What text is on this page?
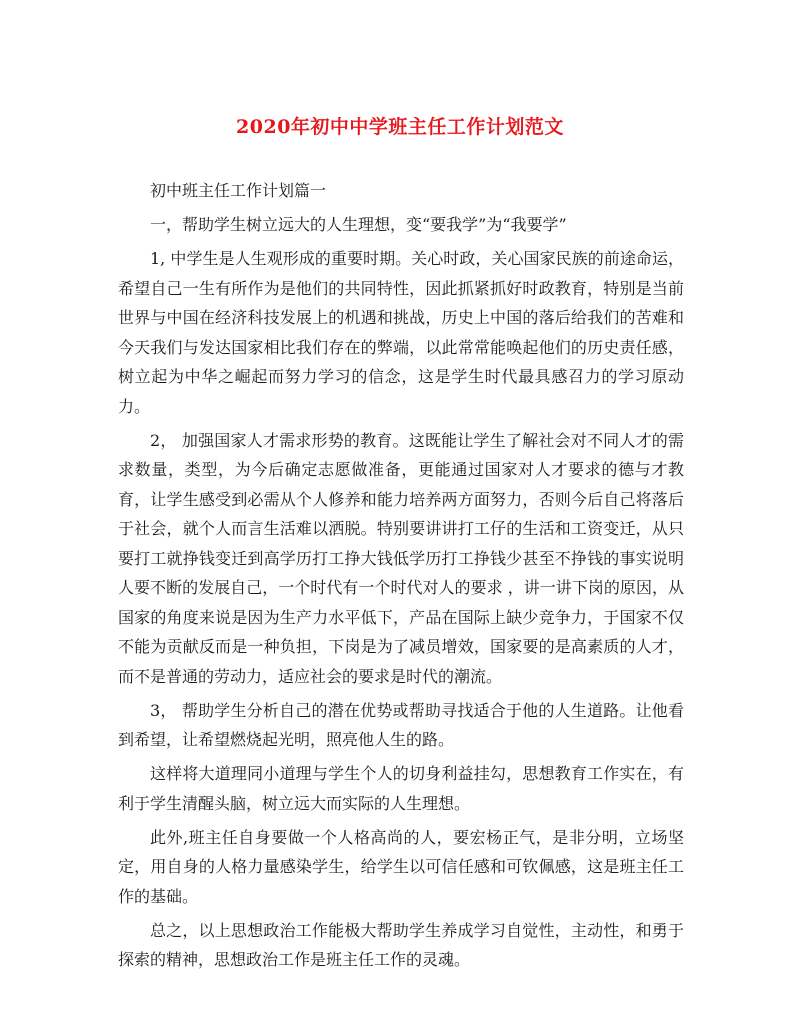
2020年初中中学班主任工作计划范文

初中班主任工作计划篇一

一，帮助学生树立远大的人生理想，变“要我学”为“我要学”

1, 中学生是人生观形成的重要时期。关心时政，关心国家民族的前途命运，希望自己一生有所作为是他们的共同特性，因此抓紧抓好时政教育，特别是当前世界与中国在经济科技发展上的机遇和挑战，历史上中国的落后给我们的苦难和今天我们与发达国家相比我们存在的弊端，以此常常能唤起他们的历史责任感，树立起为中华之崛起而努力学习的信念，这是学生时代最具感召力的学习原动力。

2， 加强国家人才需求形势的教育。这既能让学生了解社会对不同人才的需求数量，类型，为今后确定志愿做准备，更能通过国家对人才要求的德与才教育，让学生感受到必需从个人修养和能力培养两方面努力，否则今后自己将落后于社会，就个人而言生活难以洒脱。特别要讲讲打工仔的生活和工资变迁，从只要打工就挣钱变迁到高学历打工挣大钱低学历打工挣钱少甚至不挣钱的事实说明人要不断的发展自己，一个时代有一个时代对人的要求 ，讲一讲下岗的原因，从国家的角度来说是因为生产力水平低下，产品在国际上缺少竞争力，于国家不仅不能为贡献反而是一种负担，下岗是为了减员增效，国家要的是高素质的人才，而不是普通的劳动力，适应社会的要求是时代的潮流。

3， 帮助学生分析自己的潜在优势或帮助寻找适合于他的人生道路。让他看到希望，让希望燃烧起光明，照亮他人生的路。

这样将大道理同小道理与学生个人的切身利益挂勾，思想教育工作实在，有利于学生清醒头脑，树立远大而实际的人生理想。

此外,班主任自身要做一个人格高尚的人，要宏杨正气，是非分明，立场坚定，用自身的人格力量感染学生，给学生以可信任感和可钦佩感，这是班主任工作的基础。

总之，以上思想政治工作能极大帮助学生养成学习自觉性，主动性，和勇于探索的精神，思想政治工作是班主任工作的灵魂。
